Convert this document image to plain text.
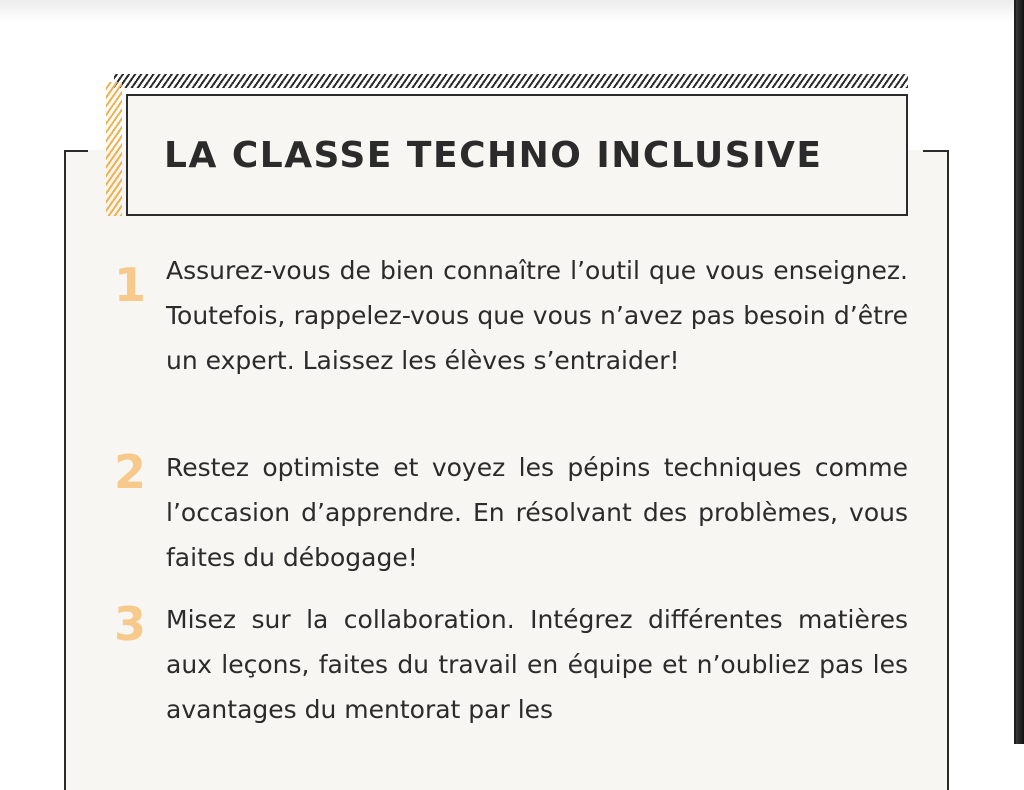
LA CLASSE TECHNO INCLUSIVE
1 Assurez-vous de bien connaître l’outil que vous enseignez. Toutefois, rappelez-vous que vous n’avez pas besoin d’être un expert. Laissez les élèves s’entraider!

2 Restez optimiste et voyez les pépins techniques comme l’occasion d’apprendre. En résolvant des problèmes, vous faites du débogage!

3 Misez sur la collaboration. Intégrez différentes matières aux leçons, faites du travail en équipe et n’oubliez pas les avantages du mentorat par les
